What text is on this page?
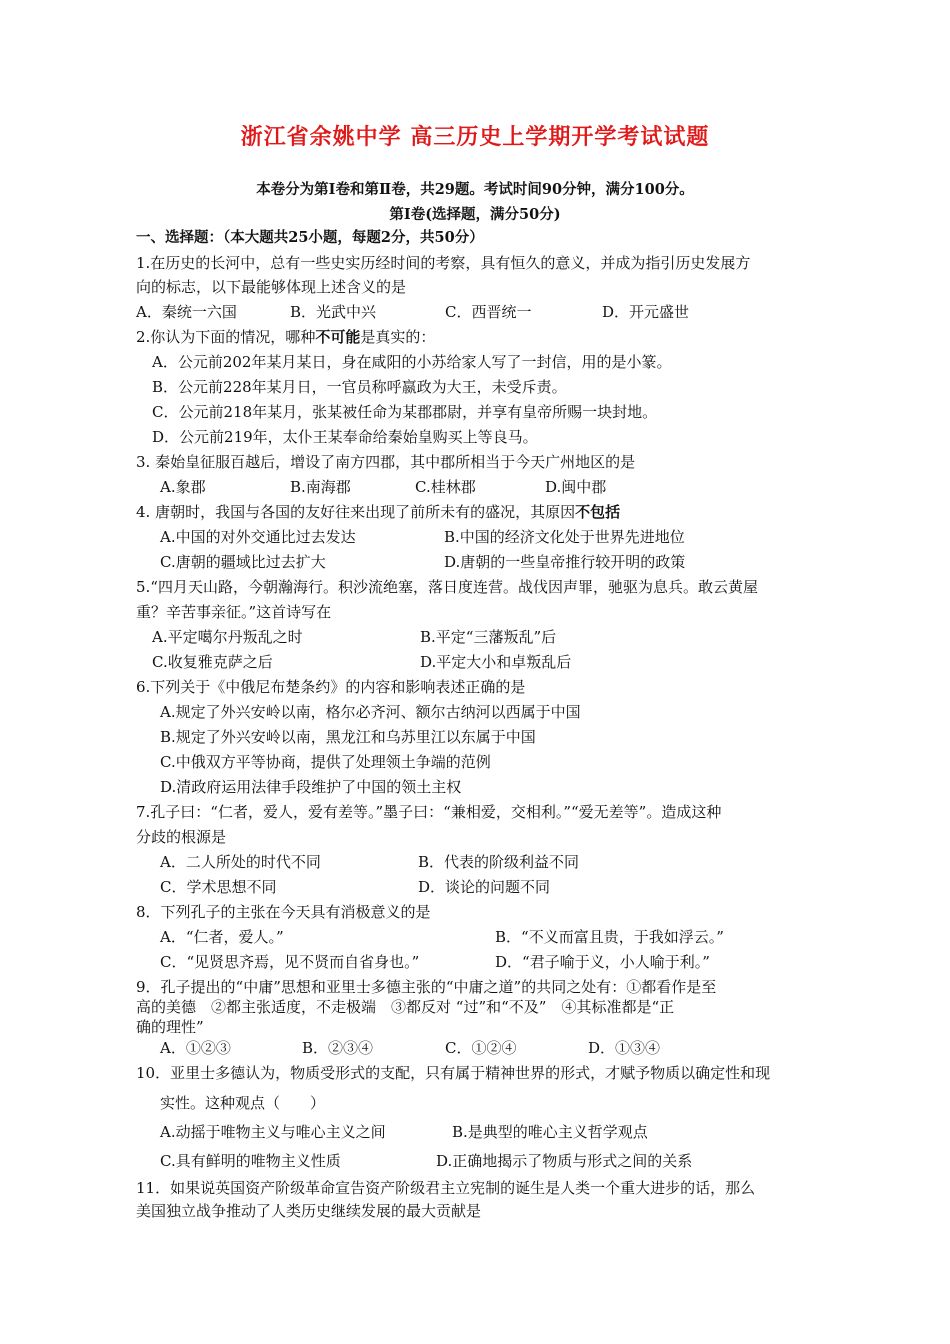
浙江省余姚中学 高三历史上学期开学考试试题
本卷分为第Ⅰ卷和第Ⅱ卷，共29题。考试时间90分钟，满分100分。
第Ⅰ卷(选择题，满分50分)
一、选择题：（本大题共25小题，每题2分，共50分）
1.在历史的长河中，总有一些史实历经时间的考察，具有恒久的意义，并成为指引历史发展方
向的标志，以下最能够体现上述含义的是
A．秦统一六国	B．光武中兴	C．西晋统一	D．开元盛世
2.你认为下面的情况，哪种不可能是真实的：
A．公元前202年某月某日，身在咸阳的小苏给家人写了一封信，用的是小篆。
B．公元前228年某月日，一官员称呼嬴政为大王，未受斥责。
C．公元前218年某月，张某被任命为某郡郡尉，并享有皇帝所赐一块封地。
D．公元前219年，太仆王某奉命给秦始皇购买上等良马。
3. 秦始皇征服百越后，增设了南方四郡，其中郡所相当于今天广州地区的是
A.象郡	B.南海郡	C.桂林郡	D.闽中郡
4. 唐朝时，我国与各国的友好往来出现了前所未有的盛况，其原因不包括
A.中国的对外交通比过去发达	B.中国的经济文化处于世界先进地位
C.唐朝的疆域比过去扩大	D.唐朝的一些皇帝推行较开明的政策
5.“四月天山路，今朝瀚海行。积沙流绝塞，落日度连营。战伐因声罪，驰驱为息兵。敢云黄屋
重？辛苦事亲征。”这首诗写在
A.平定噶尔丹叛乱之时	B.平定“三藩叛乱”后
C.收复雅克萨之后	D.平定大小和卓叛乱后
6.下列关于《中俄尼布楚条约》的内容和影响表述正确的是
A.规定了外兴安岭以南，格尔必齐河、额尔古纳河以西属于中国
B.规定了外兴安岭以南，黑龙江和乌苏里江以东属于中国
C.中俄双方平等协商，提供了处理领土争端的范例
D.清政府运用法律手段维护了中国的领土主权
7.孔子曰：“仁者，爱人，爱有差等。”墨子曰：“兼相爱，交相利。”“爱无差等”。造成这种
分歧的根源是
A．二人所处的时代不同	B．代表的阶级利益不同
C．学术思想不同	D．谈论的问题不同
8．下列孔子的主张在今天具有消极意义的是
A．“仁者，爱人。”	B．“不义而富且贵，于我如浮云。”
C．“见贤思齐焉，见不贤而自省身也。”	D．“君子喻于义，小人喻于利。”
9．孔子提出的“中庸”思想和亚里士多德主张的“中庸之道”的共同之处有：①都看作是至
高的美德　②都主张适度，不走极端　③都反对 “过”和“不及”　④其标准都是“正
确的理性”
A．①②③	B．②③④	C．①②④	D．①③④
10．亚里士多德认为，物质受形式的支配，只有属于精神世界的形式，才赋予物质以确定性和现
实性。这种观点（　　）
A.动摇于唯物主义与唯心主义之间	B.是典型的唯心主义哲学观点
C.具有鲜明的唯物主义性质	D.正确地揭示了物质与形式之间的关系
11．如果说英国资产阶级革命宣告资产阶级君主立宪制的诞生是人类一个重大进步的话，那么
美国独立战争推动了人类历史继续发展的最大贡献是
